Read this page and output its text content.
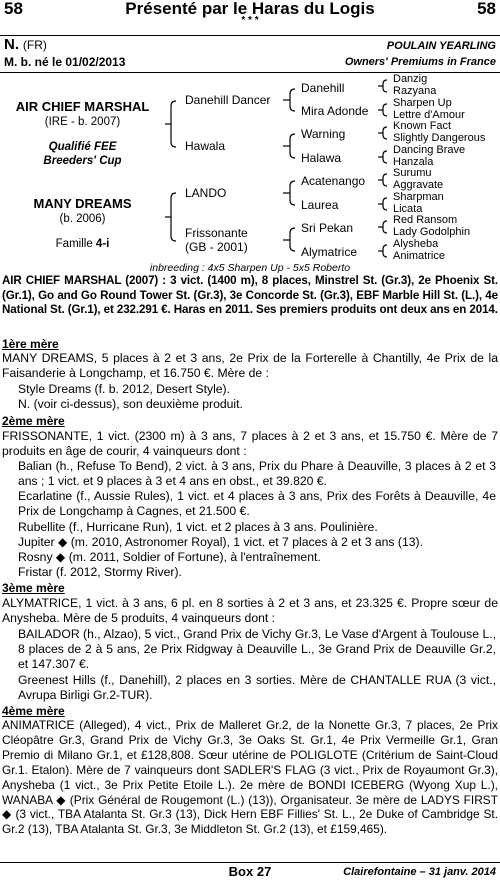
58	Présenté par le Haras du Logis	58
* * *
N. (FR)	POULAIN YEARLING
M. b. né le 01/02/2013	Owners' Premiums in France
AIR CHIEF MARSHAL
(IRE - b. 2007)
Qualifié FEE
Breeders' Cup
MANY DREAMS
(b. 2006)
Famille 4-i
Danehill Dancer
Hawala
LANDO
Frissonante
(GB - 2001)
Danehill
Mira Adonde
Warning
Halawa
Acatenango
Laurea
Sri Pekan
Alymatrice
Danzig
Razyana
Sharpen Up
Lettre d'Amour
Known Fact
Slightly Dangerous
Dancing Brave
Hanzala
Surumu
Aggravate
Sharpman
Licata
Red Ransom
Lady Godolphin
Alysheba
Animatrice
inbreeding : 4x5 Sharpen Up - 5x5 Roberto
AIR CHIEF MARSHAL (2007) : 3 vict. (1400 m), 8 places, Minstrel St. (Gr.3), 2e Phoenix St. (Gr.1), Go and Go Round Tower St. (Gr.3), 3e Concorde St. (Gr.3), EBF Marble Hill St. (L.), 4e National St. (Gr.1), et 232.291 €. Haras en 2011. Ses premiers produits ont deux ans en 2014.
1ère mère
MANY DREAMS, 5 places à 2 et 3 ans, 2e Prix de la Forterelle à Chantilly, 4e Prix de la Faisanderie à Longchamp, et 16.750 €. Mère de :
Style Dreams (f. b. 2012, Desert Style).
N. (voir ci-dessus), son deuxième produit.
2ème mère
FRISSONANTE, 1 vict. (2300 m) à 3 ans, 7 places à 2 et 3 ans, et 15.750 €. Mère de 7 produits en âge de courir, 4 vainqueurs dont :
Balian (h., Refuse To Bend), 2 vict. à 3 ans, Prix du Phare à Deauville, 3 places à 2 et 3 ans ; 1 vict. et 9 places à 3 et 4 ans en obst., et 39.820 €.
Ecarlatine (f., Aussie Rules), 1 vict. et 4 places à 3 ans, Prix des Forêts à Deauville, 4e Prix de Longchamp à Cagnes, et 21.500 €.
Rubellite (f., Hurricane Run), 1 vict. et 2 places à 3 ans. Poulinière.
Jupiter ◆ (m. 2010, Astronomer Royal), 1 vict. et 7 places à 2 et 3 ans (13).
Rosny ◆ (m. 2011, Soldier of Fortune), à l'entraînement.
Fristar (f. 2012, Stormy River).
3ème mère
ALYMATRICE, 1 vict. à 3 ans, 6 pl. en 8 sorties à 2 et 3 ans, et 23.325 €. Propre sœur de Anysheba. Mère de 5 produits, 4 vainqueurs dont :
BAILADOR (h., Alzao), 5 vict., Grand Prix de Vichy Gr.3, Le Vase d'Argent à Toulouse L., 8 places de 2 à 5 ans, 2e Prix Ridgway à Deauville L., 3e Grand Prix de Deauville Gr.2, et 147.307 €.
Greenest Hills (f., Danehill), 2 places en 3 sorties. Mère de CHANTALLE RUA (3 vict., Avrupa Birligi Gr.2-TUR).
4ème mère
ANIMATRICE (Alleged), 4 vict., Prix de Malleret Gr.2, de la Nonette Gr.3, 7 places, 2e Prix Cléopâtre Gr.3, Grand Prix de Vichy Gr.3, 3e Oaks St. Gr.1, 4e Prix Vermeille Gr.1, Gran Premio di Milano Gr.1, et £128,808. Sœur utérine de POLIGLOTE (Critérium de Saint-Cloud Gr.1. Etalon). Mère de 7 vainqueurs dont SADLER'S FLAG (3 vict., Prix de Royaumont Gr.3), Anysheba (1 vict., 3e Prix Petite Etoile L.). 2e mère de BONDI ICEBERG (Wyong Xup L.), WANABA ◆ (Prix Général de Rougemont (L.) (13)), Organisateur. 3e mère de LADYS FIRST ◆ (3 vict., TBA Atalanta St. Gr.3 (13), Dick Hern EBF Fillies' St. L., 2e Duke of Cambridge St. Gr.2 (13), TBA Atalanta St. Gr.3, 3e Middleton St. Gr.2 (13), et £159,465).
Box 27	Clairefontaine – 31 janv. 2014
